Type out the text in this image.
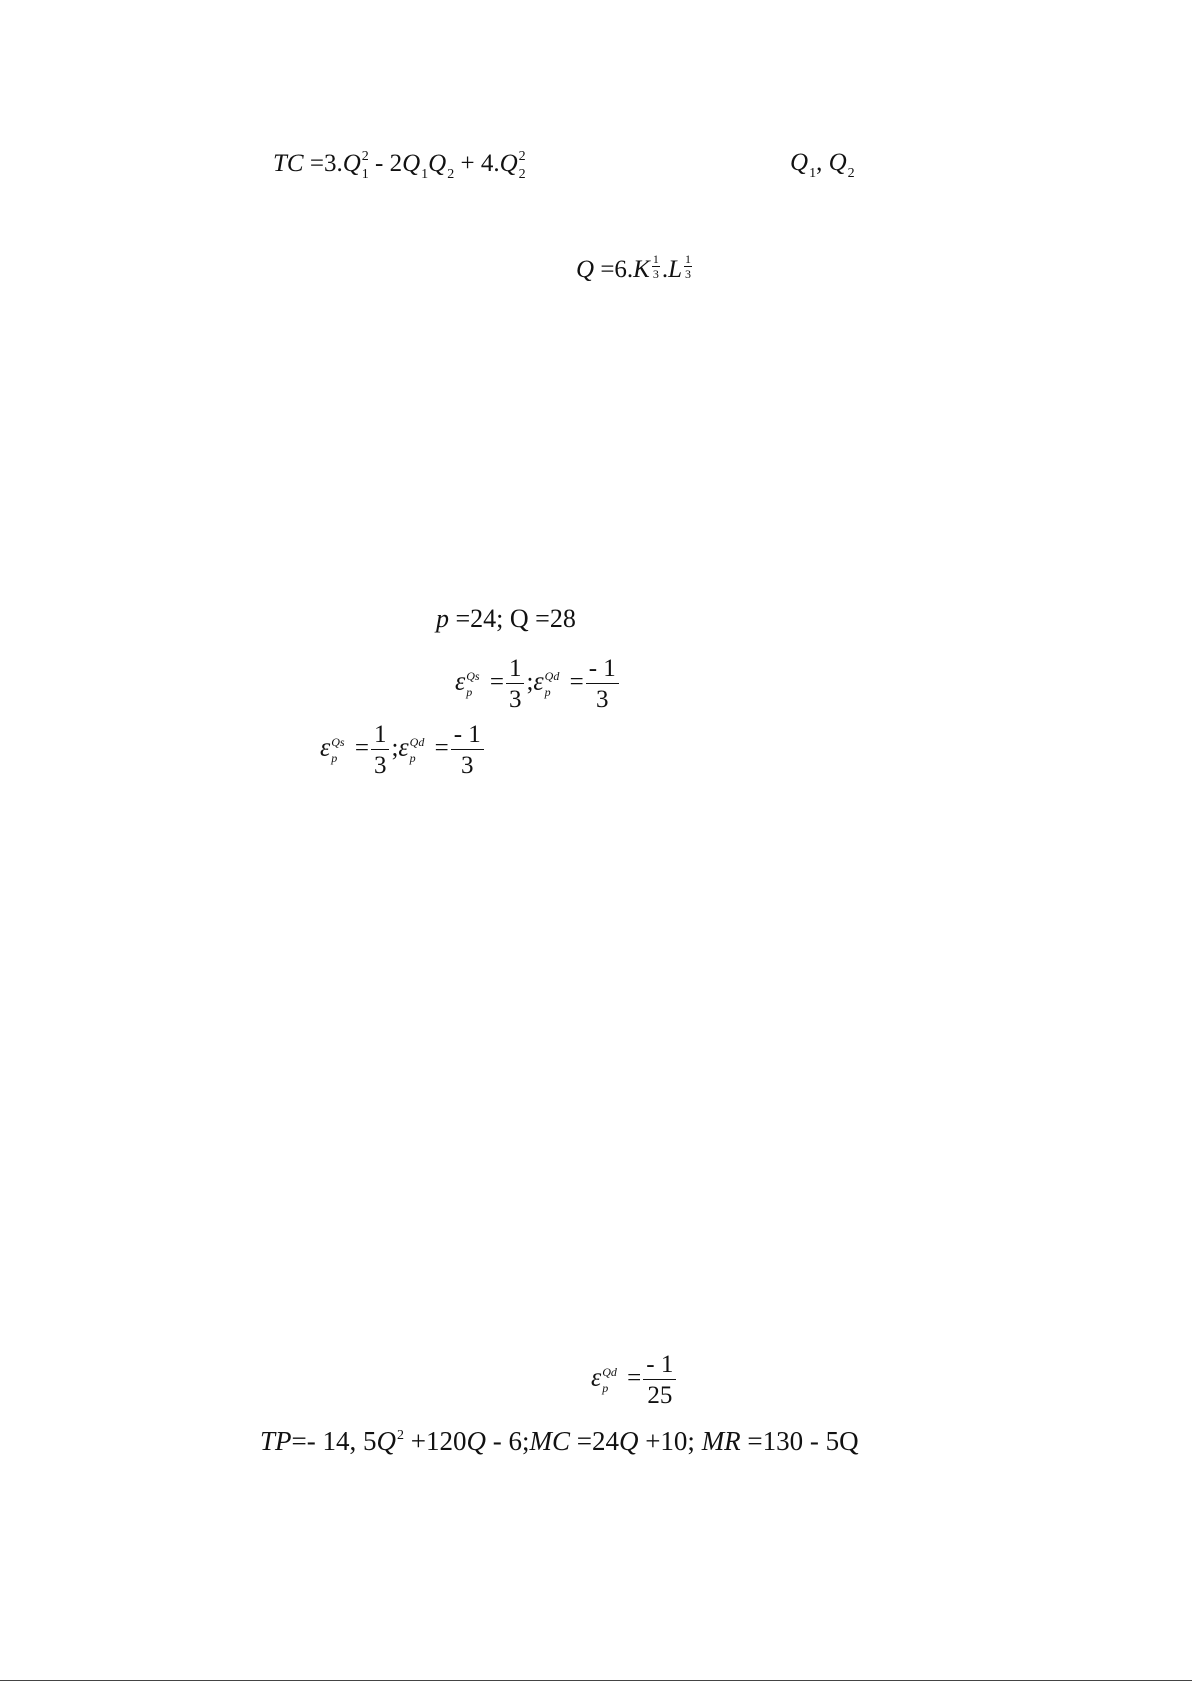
TC $=3.Q_1^2 - 2Q_1Q_2 + 4.Q_2^2$	$Q_1$, $Q_2$
$Q =6.K \frac{1}{3} .L \frac{1}{3}$
p =24; Q =28
ε Qs
$p = \frac{1}{3}$ ;ε Qd
$p = \frac{- 1}{3}$
ε Qs
$p = \frac{1}{3}$ ;ε Qd
$p = \frac{- 1}{3}$
ε Qd
$p = \frac{- 1}{25}$
TP=- 14, $5Q^2 +120Q$ - 6;MC =24Q +10; MR =130 - 5Q
